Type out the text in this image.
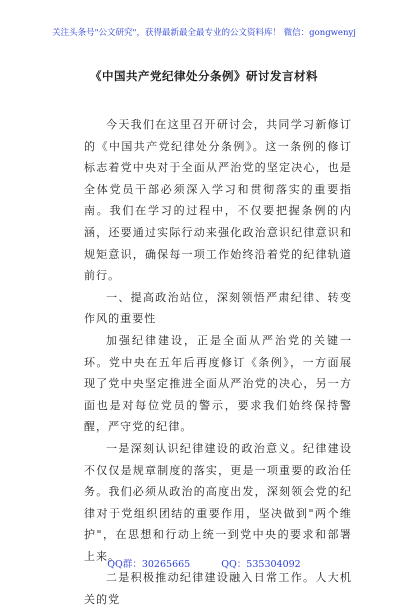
关注头条号"公文研究"，获得最新最全最专业的公文资料库！ 微信：gongwenyj
《中国共产党纪律处分条例》研讨发言材料

今天我们在这里召开研讨会，共同学习新修订的《中国共产党纪律处分条例》。这一条例的修订标志着党中央对于全面从严治党的坚定决心，也是全体党员干部必须深入学习和贯彻落实的重要指南。我们在学习的过程中，不仅要把握条例的内涵，还要通过实际行动来强化政治意识纪律意识和规矩意识，确保每一项工作始终沿着党的纪律轨道前行。

一、提高政治站位，深刻领悟严肃纪律、转变作风的重要性

加强纪律建设，正是全面从严治党的关键一环。党中央在五年后再度修订《条例》，一方面展现了党中央坚定推进全面从严治党的决心，另一方面也是对每位党员的警示，要求我们始终保持警醒，严守党的纪律。

一是深刻认识纪律建设的政治意义。纪律建设不仅仅是规章制度的落实，更是一项重要的政治任务。我们必须从政治的高度出发，深刻领会党的纪律对于党组织团结的重要作用，坚决做到"两个维护"，在思想和行动上统一到党中央的要求和部署上来。

二是积极推动纪律建设融入日常工作。人大机关的党

QQ群：30265665	QQ：535304092
